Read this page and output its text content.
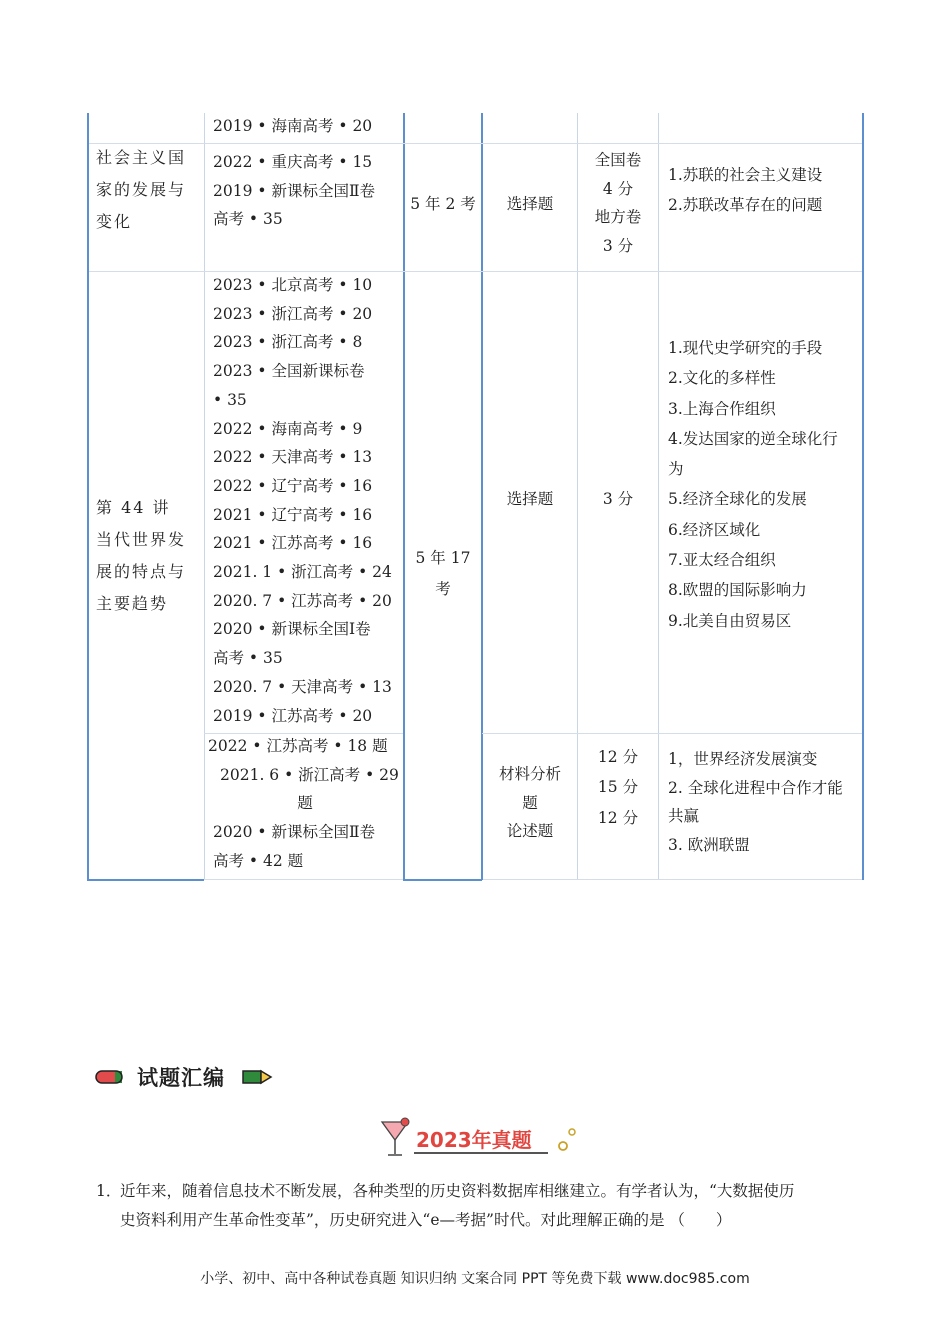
2019 • 海南高考 • 20
社会主义国
家的发展与
变化
2022 • 重庆高考 • 15
2019 • 新课标全国Ⅱ卷
高考 • 35
5 年 2 考	选择题
全国卷
4 分
地方卷
3 分
1.苏联的社会主义建设
2.苏联改革存在的问题
第 44 讲
当代世界发
展的特点与
主要趋势
2023 • 北京高考 • 10
2023 • 浙江高考 • 20
2023 • 浙江高考 • 8
2023 • 全国新课标卷
• 35
2022 • 海南高考 • 9
2022 • 天津高考 • 13
2022 • 辽宁高考 • 16
2021 • 辽宁高考 • 16
2021 • 江苏高考 • 16
2021. 1 • 浙江高考 • 24
2020. 7 • 江苏高考 • 20
2020 • 新课标全国Ⅰ卷
高考 • 35
2020. 7 • 天津高考 • 13
2019 • 江苏高考 • 20
5 年 17
考
选择题	3 分
1.现代史学研究的手段
2.文化的多样性
3.上海合作组织
4.发达国家的逆全球化行
为
5.经济全球化的发展
6.经济区域化
7.亚太经合组织
8.欧盟的国际影响力
9.北美自由贸易区
2022 • 江苏高考 • 18 题
2021. 6 • 浙江高考 • 29
题
2020 • 新课标全国Ⅱ卷
高考 • 42 题
材料分析
题
论述题
12 分
15 分
12 分
1，世界经济发展演变
2. 全球化进程中合作才能
共赢
3. 欧洲联盟
试题汇编
2023年真题
1．
近年来，随着信息技术不断发展，各种类型的历史资料数据库相继建立。有学者认为，“大数据使历
史资料利用产生革命性变革”，历史研究进入“e—考据”时代。对此理解正确的是 （　　）
小学、初中、高中各种试卷真题 知识归纳 文案合同 PPT 等免费下载 www.doc985.com
